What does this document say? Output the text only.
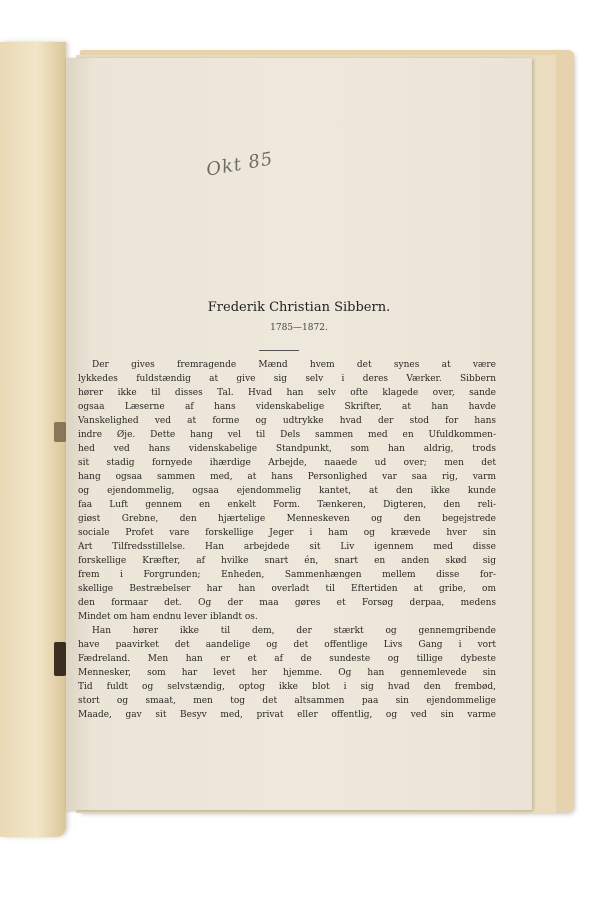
Okt 85
Frederik Christian Sibbern.
1785—1872.
Der gives fremragende Mænd hvem det synes at være
lykkedes fuldstændig at give sig selv i deres Værker. Sibbern
hører ikke til disses Tal. Hvad han selv ofte klagede over, sande
ogsaa Læserne af hans videnskabelige Skrifter, at han havde
Vanskelighed ved at forme og udtrykke hvad der stod for hans
indre Øje. Dette hang vel til Dels sammen med en Ufuldkommen-
hed ved hans videnskabelige Standpunkt, som han aldrig, trods
sit stadig fornyede ihærdige Arbejde, naaede ud over; men det
hang ogsaa sammen med, at hans Personlighed var saa rig, varm
og ejendommelig, ogsaa ejendommelig kantet, at den ikke kunde
faa Luft gennem en enkelt Form. Tænkeren, Digteren, den reli-
giøst Grebne, den hjærtelige Menneskeven og den begejstrede
sociale Profet vare forskellige Jeger i ham og krævede hver sin
Art Tilfredsstillelse. Han arbejdede sit Liv igennem med disse
forskellige Kræfter, af hvilke snart én, snart en anden skød sig
frem i Forgrunden; Enheden, Sammenhængen mellem disse for-
skellige Bestræbelser har han overladt til Eftertiden at gribe, om
den formaar det. Og der maa gøres et Forsøg derpaa, medens
Mindet om ham endnu lever iblandt os.
Han hører ikke til dem, der stærkt og gennemgribende
have paavirket det aandelige og det offentlige Livs Gang i vort
Fædreland. Men han er et af de sundeste og tillige dybeste
Mennesker, som har levet her hjemme. Og han gennemlevede sin
Tid fuldt og selvstændig, optog ikke blot i sig hvad den frembød,
stort og smaat, men tog det altsammen paa sin ejendommelige
Maade, gav sit Besyv med, privat eller offentlig, og ved sin varme
